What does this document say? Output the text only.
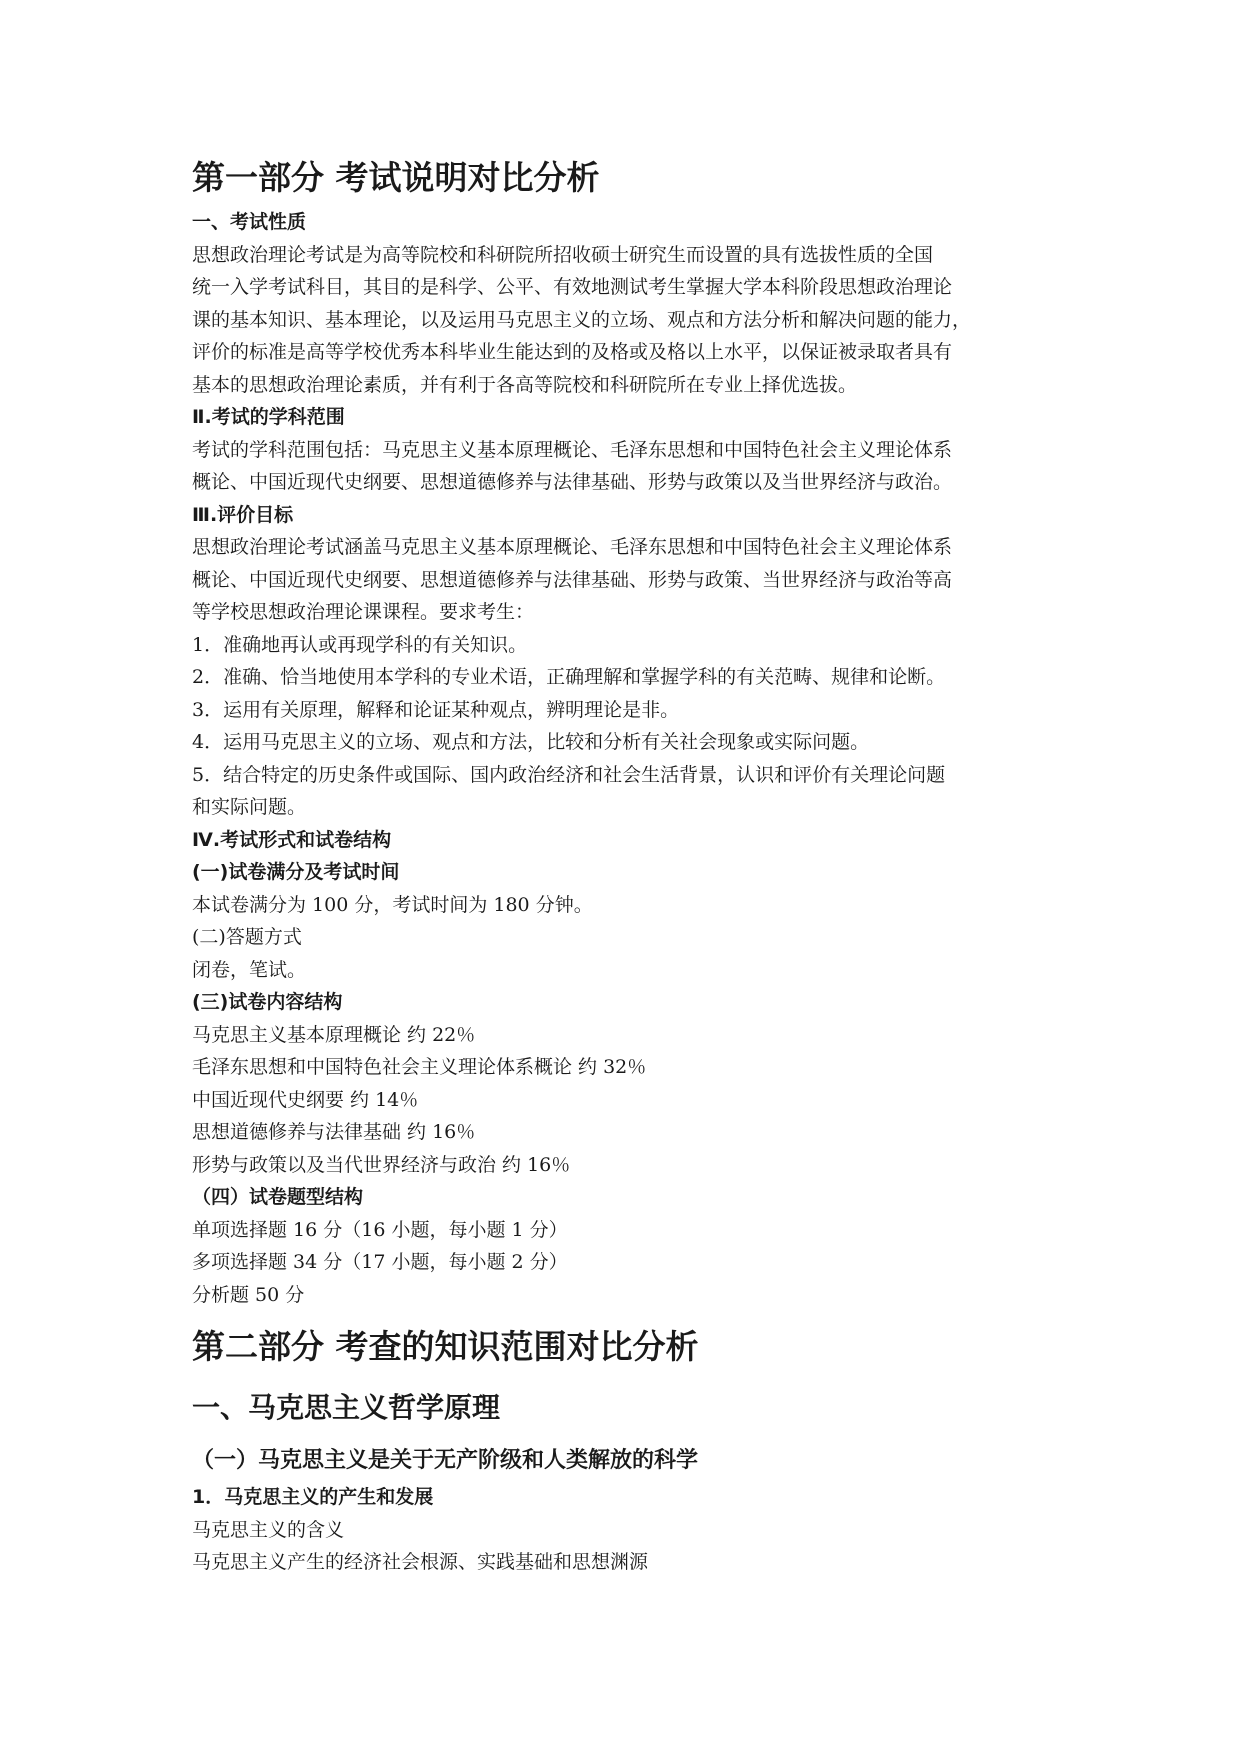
第一部分 考试说明对比分析

一、考试性质

思想政治理论考试是为高等院校和科研院所招收硕士研究生而设置的具有选拔性质的全国

统一入学考试科目，其目的是科学、公平、有效地测试考生掌握大学本科阶段思想政治理论

课的基本知识、基本理论，以及运用马克思主义的立场、观点和方法分析和解决问题的能力，

评价的标准是高等学校优秀本科毕业生能达到的及格或及格以上水平，以保证被录取者具有

基本的思想政治理论素质，并有利于各高等院校和科研院所在专业上择优选拔。

Ⅱ.考试的学科范围

考试的学科范围包括：马克思主义基本原理概论、毛泽东思想和中国特色社会主义理论体系

概论、中国近现代史纲要、思想道德修养与法律基础、形势与政策以及当世界经济与政治。

Ⅲ.评价目标

思想政治理论考试涵盖马克思主义基本原理概论、毛泽东思想和中国特色社会主义理论体系

概论、中国近现代史纲要、思想道德修养与法律基础、形势与政策、当世界经济与政治等高

等学校思想政治理论课课程。要求考生：

1．准确地再认或再现学科的有关知识。

2．准确、恰当地使用本学科的专业术语，正确理解和掌握学科的有关范畴、规律和论断。

3．运用有关原理，解释和论证某种观点，辨明理论是非。

4．运用马克思主义的立场、观点和方法，比较和分析有关社会现象或实际问题。

5．结合特定的历史条件或国际、国内政治经济和社会生活背景，认识和评价有关理论问题

和实际问题。

Ⅳ.考试形式和试卷结构

(一)试卷满分及考试时间

本试卷满分为 100 分，考试时间为 180 分钟。

(二)答题方式

闭卷，笔试。

(三)试卷内容结构

马克思主义基本原理概论 约 22％

毛泽东思想和中国特色社会主义理论体系概论 约 32％

中国近现代史纲要 约 14％

思想道德修养与法律基础 约 16％

形势与政策以及当代世界经济与政治 约 16％

（四）试卷题型结构

单项选择题 16 分（16 小题，每小题 1 分）

多项选择题 34 分（17 小题，每小题 2 分）

分析题 50 分

第二部分 考查的知识范围对比分析
一、马克思主义哲学原理
（一）马克思主义是关于无产阶级和人类解放的科学

1．马克思主义的产生和发展

马克思主义的含义

马克思主义产生的经济社会根源、实践基础和思想渊源
